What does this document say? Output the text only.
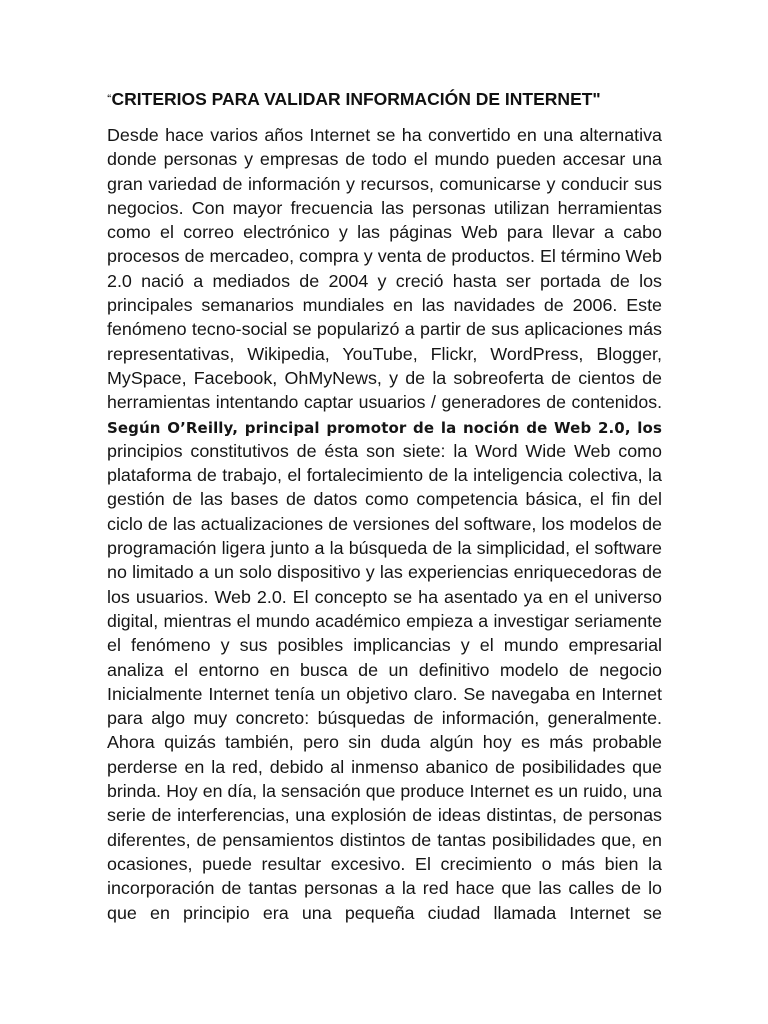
“CRITERIOS PARA VALIDAR INFORMACIÓN DE INTERNET"
Desde hace varios años Internet se ha convertido en una alternativa
donde personas y empresas de todo el mundo pueden accesar una
gran variedad de información y recursos, comunicarse y conducir sus
negocios. Con mayor frecuencia las personas utilizan herramientas
como el correo electrónico y las páginas Web para llevar a cabo
procesos de mercadeo, compra y venta de productos. El término Web
2.0 nació a mediados de 2004 y creció hasta ser portada de los
principales semanarios mundiales en las navidades de 2006. Este
fenómeno tecno-social se popularizó a partir de sus aplicaciones más
representativas, Wikipedia, YouTube, Flickr, WordPress, Blogger,
MySpace, Facebook, OhMyNews, y de la sobreoferta de cientos de
herramientas intentando captar usuarios / generadores de contenidos.
Según O’Reilly, principal promotor de la noción de Web 2.0, los
principios constitutivos de ésta son siete: la Word Wide Web como
plataforma de trabajo, el fortalecimiento de la inteligencia colectiva, la
gestión de las bases de datos como competencia básica, el fin del
ciclo de las actualizaciones de versiones del software, los modelos de
programación ligera junto a la búsqueda de la simplicidad, el software
no limitado a un solo dispositivo y las experiencias enriquecedoras de
los usuarios. Web 2.0. El concepto se ha asentado ya en el universo
digital, mientras el mundo académico empieza a investigar seriamente
el fenómeno y sus posibles implicancias y el mundo empresarial
analiza el entorno en busca de un definitivo modelo de negocio
Inicialmente Internet tenía un objetivo claro. Se navegaba en Internet
para algo muy concreto: búsquedas de información, generalmente.
Ahora quizás también, pero sin duda algún hoy es más probable
perderse en la red, debido al inmenso abanico de posibilidades que
brinda. Hoy en día, la sensación que produce Internet es un ruido, una
serie de interferencias, una explosión de ideas distintas, de personas
diferentes, de pensamientos distintos de tantas posibilidades que, en
ocasiones, puede resultar excesivo. El crecimiento o más bien la
incorporación de tantas personas a la red hace que las calles de lo
que en principio era una pequeña ciudad llamada Internet se
